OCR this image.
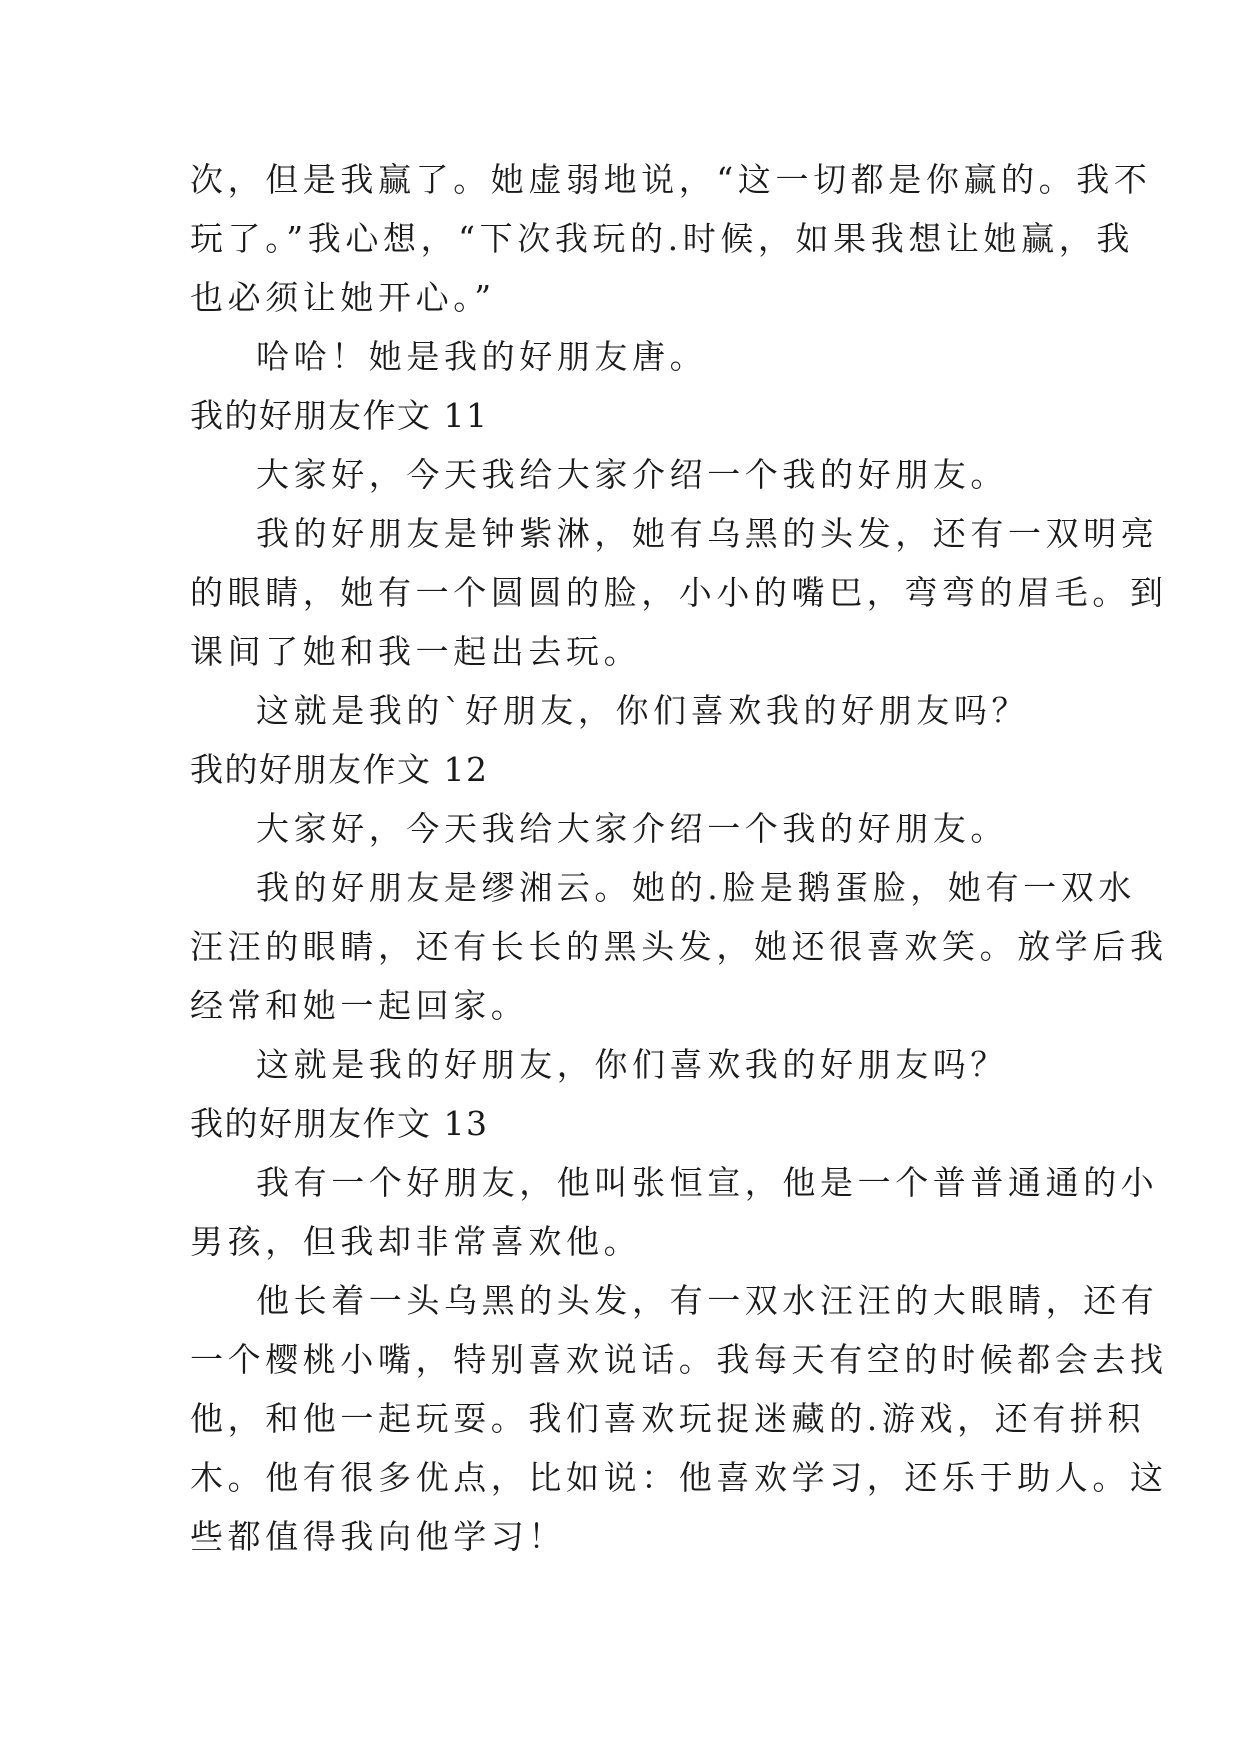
次，但是我赢了。她虚弱地说，“这一切都是你赢的。我不
玩了。”我心想，“下次我玩的.时候，如果我想让她赢，我
也必须让她开心。”
哈哈！她是我的好朋友唐。
我的好朋友作文 11
大家好，今天我给大家介绍一个我的好朋友。
我的好朋友是钟紫淋，她有乌黑的头发，还有一双明亮
的眼睛，她有一个圆圆的脸，小小的嘴巴，弯弯的眉毛。到
课间了她和我一起出去玩。
这就是我的`好朋友，你们喜欢我的好朋友吗？
我的好朋友作文 12
大家好，今天我给大家介绍一个我的好朋友。
我的好朋友是缪湘云。她的.脸是鹅蛋脸，她有一双水
汪汪的眼睛，还有长长的黑头发，她还很喜欢笑。放学后我
经常和她一起回家。
这就是我的好朋友，你们喜欢我的好朋友吗？
我的好朋友作文 13
我有一个好朋友，他叫张恒宣，他是一个普普通通的小
男孩，但我却非常喜欢他。
他长着一头乌黑的头发，有一双水汪汪的大眼睛，还有
一个樱桃小嘴，特别喜欢说话。我每天有空的时候都会去找
他，和他一起玩耍。我们喜欢玩捉迷藏的.游戏，还有拼积
木。他有很多优点，比如说：他喜欢学习，还乐于助人。这
些都值得我向他学习！
